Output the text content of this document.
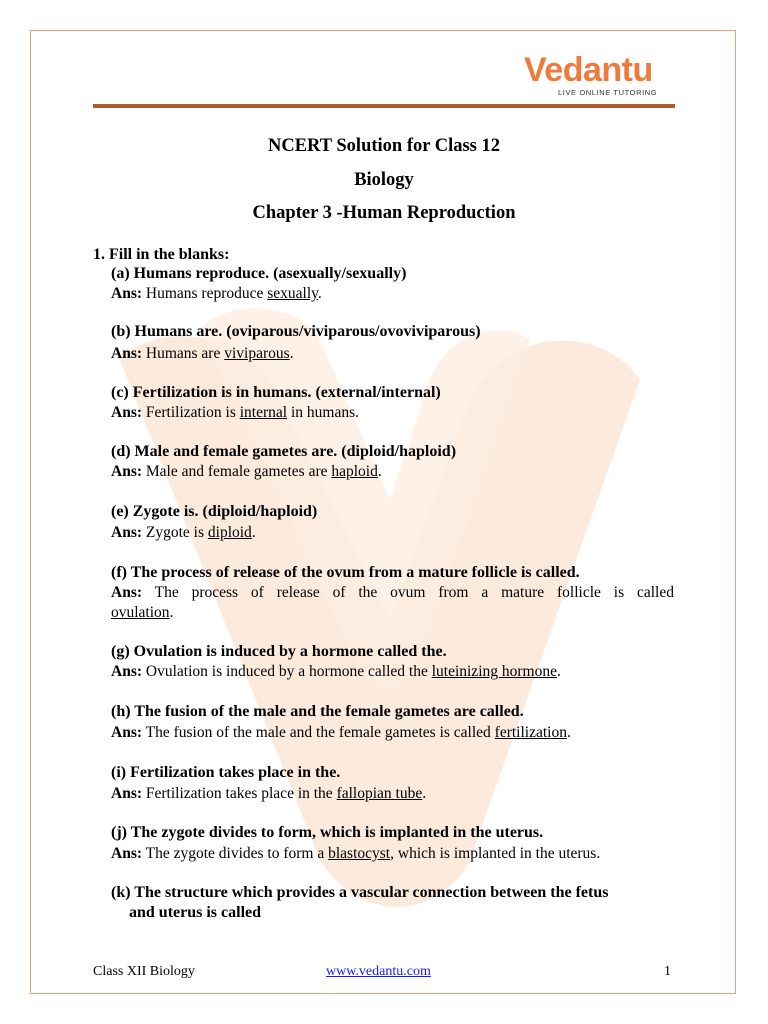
Vedantu
LIVE ONLINE TUTORING
NCERT Solution for Class 12
Biology
Chapter 3 -Human Reproduction
1. Fill in the blanks:
(a) Humans reproduce. (asexually/sexually)
Ans: Humans reproduce sexually.
(b) Humans are. (oviparous/viviparous/ovoviviparous)
Ans: Humans are viviparous.
(c) Fertilization is in humans. (external/internal)
Ans: Fertilization is internal in humans.
(d) Male and female gametes are. (diploid/haploid)
Ans: Male and female gametes are haploid.
(e) Zygote is. (diploid/haploid)
Ans: Zygote is diploid.
(f) The process of release of the ovum from a mature follicle is called.
Ans: The process of release of the ovum from a mature follicle is called
ovulation.
(g) Ovulation is induced by a hormone called the.
Ans: Ovulation is induced by a hormone called the luteinizing hormone.
(h) The fusion of the male and the female gametes are called.
Ans: The fusion of the male and the female gametes is called fertilization.
(i) Fertilization takes place in the.
Ans: Fertilization takes place in the fallopian tube.
(j) The zygote divides to form, which is implanted in the uterus.
Ans: The zygote divides to form a blastocyst, which is implanted in the uterus.
(k) The structure which provides a vascular connection between the fetus
and uterus is called
Class XII Biology	www.vedantu.com	1
